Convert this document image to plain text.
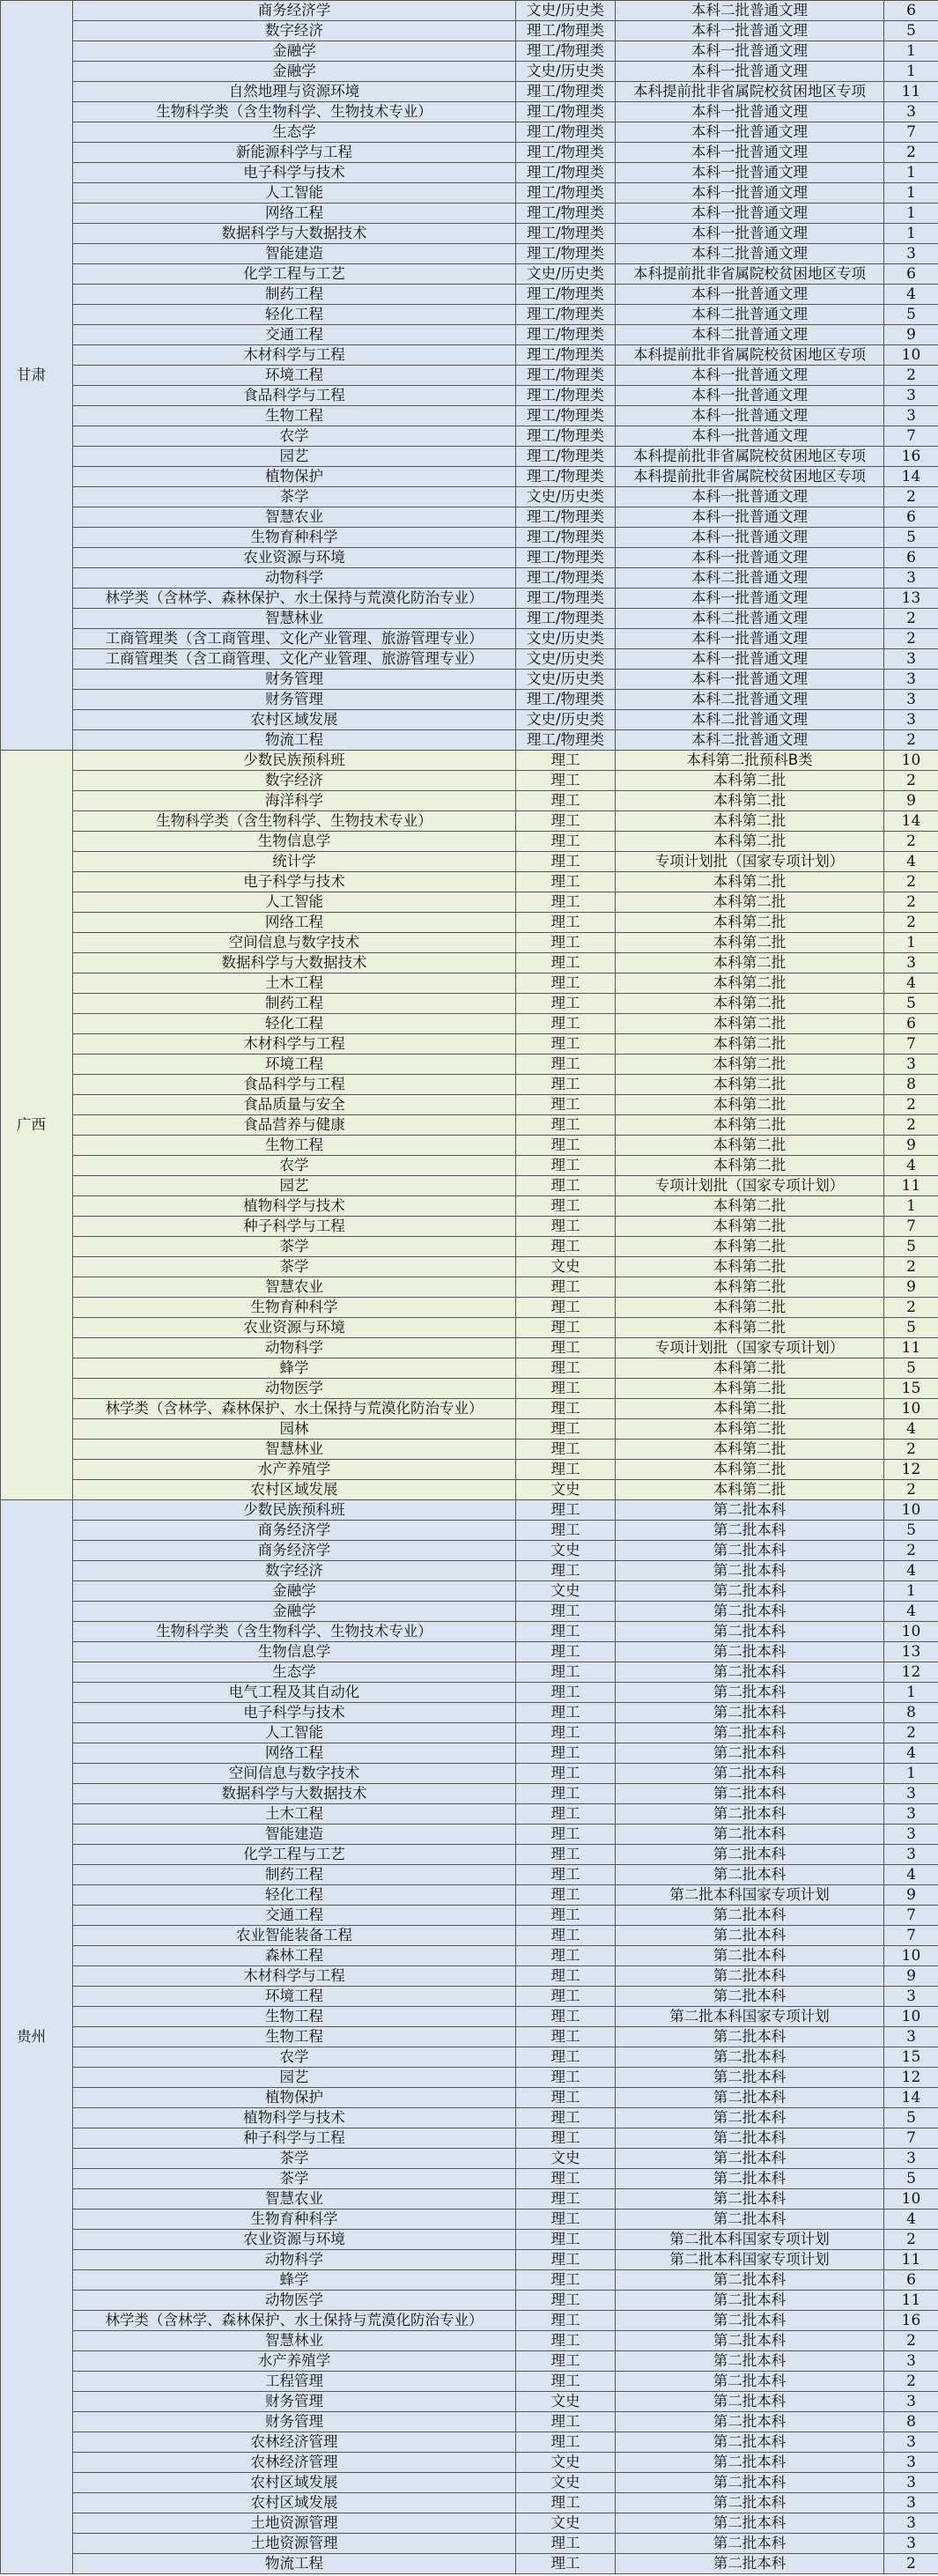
甘肃	商务经济学	文史/历史类	本科二批普通文理	6
	数字经济	理工/物理类	本科一批普通文理	5
	金融学	理工/物理类	本科一批普通文理	1
	金融学	文史/历史类	本科一批普通文理	1
	自然地理与资源环境	理工/物理类	本科提前批非省属院校贫困地区专项	11
	生物科学类（含生物科学、生物技术专业）	理工/物理类	本科一批普通文理	3
	生态学	理工/物理类	本科一批普通文理	7
	新能源科学与工程	理工/物理类	本科一批普通文理	2
	电子科学与技术	理工/物理类	本科一批普通文理	1
	人工智能	理工/物理类	本科一批普通文理	1
	网络工程	理工/物理类	本科一批普通文理	1
	数据科学与大数据技术	理工/物理类	本科一批普通文理	1
	智能建造	理工/物理类	本科二批普通文理	3
	化学工程与工艺	文史/历史类	本科提前批非省属院校贫困地区专项	6
	制药工程	理工/物理类	本科一批普通文理	4
	轻化工程	理工/物理类	本科二批普通文理	5
	交通工程	理工/物理类	本科二批普通文理	9
	木材科学与工程	理工/物理类	本科提前批非省属院校贫困地区专项	10
	环境工程	理工/物理类	本科一批普通文理	2
	食品科学与工程	理工/物理类	本科一批普通文理	3
	生物工程	理工/物理类	本科一批普通文理	3
	农学	理工/物理类	本科一批普通文理	7
	园艺	理工/物理类	本科提前批非省属院校贫困地区专项	16
	植物保护	理工/物理类	本科提前批非省属院校贫困地区专项	14
	茶学	文史/历史类	本科一批普通文理	2
	智慧农业	理工/物理类	本科一批普通文理	6
	生物育种科学	理工/物理类	本科一批普通文理	5
	农业资源与环境	理工/物理类	本科一批普通文理	6
	动物科学	理工/物理类	本科二批普通文理	3
	林学类（含林学、森林保护、水土保持与荒漠化防治专业）	理工/物理类	本科一批普通文理	13
	智慧林业	理工/物理类	本科二批普通文理	2
	工商管理类（含工商管理、文化产业管理、旅游管理专业）	文史/历史类	本科一批普通文理	2
	工商管理类（含工商管理、文化产业管理、旅游管理专业）	文史/历史类	本科一批普通文理	3
	财务管理	文史/历史类	本科一批普通文理	3
	财务管理	理工/物理类	本科二批普通文理	3
	农村区域发展	文史/历史类	本科二批普通文理	3
	物流工程	理工/物理类	本科二批普通文理	2
广西	少数民族预科班	理工	本科第二批预科B类	10
	数字经济	理工	本科第二批	2
	海洋科学	理工	本科第二批	9
	生物科学类（含生物科学、生物技术专业）	理工	本科第二批	14
	生物信息学	理工	本科第二批	2
	统计学	理工	专项计划批（国家专项计划）	4
	电子科学与技术	理工	本科第二批	2
	人工智能	理工	本科第二批	2
	网络工程	理工	本科第二批	2
	空间信息与数字技术	理工	本科第二批	1
	数据科学与大数据技术	理工	本科第二批	3
	土木工程	理工	本科第二批	4
	制药工程	理工	本科第二批	5
	轻化工程	理工	本科第二批	6
	木材科学与工程	理工	本科第二批	7
	环境工程	理工	本科第二批	3
	食品科学与工程	理工	本科第二批	8
	食品质量与安全	理工	本科第二批	2
	食品营养与健康	理工	本科第二批	2
	生物工程	理工	本科第二批	9
	农学	理工	本科第二批	4
	园艺	理工	专项计划批（国家专项计划）	11
	植物科学与技术	理工	本科第二批	1
	种子科学与工程	理工	本科第二批	7
	茶学	理工	本科第二批	5
	茶学	文史	本科第二批	2
	智慧农业	理工	本科第二批	9
	生物育种科学	理工	本科第二批	2
	农业资源与环境	理工	本科第二批	5
	动物科学	理工	专项计划批（国家专项计划）	11
	蜂学	理工	本科第二批	5
	动物医学	理工	本科第二批	15
	林学类（含林学、森林保护、水土保持与荒漠化防治专业）	理工	本科第二批	10
	园林	理工	本科第二批	4
	智慧林业	理工	本科第二批	2
	水产养殖学	理工	本科第二批	12
	农村区域发展	文史	本科第二批	2
贵州	少数民族预科班	理工	第二批本科	10
	商务经济学	理工	第二批本科	5
	商务经济学	文史	第二批本科	2
	数字经济	理工	第二批本科	4
	金融学	文史	第二批本科	1
	金融学	理工	第二批本科	4
	生物科学类（含生物科学、生物技术专业）	理工	第二批本科	10
	生物信息学	理工	第二批本科	13
	生态学	理工	第二批本科	12
	电气工程及其自动化	理工	第二批本科	1
	电子科学与技术	理工	第二批本科	8
	人工智能	理工	第二批本科	2
	网络工程	理工	第二批本科	4
	空间信息与数字技术	理工	第二批本科	1
	数据科学与大数据技术	理工	第二批本科	3
	土木工程	理工	第二批本科	3
	智能建造	理工	第二批本科	3
	化学工程与工艺	理工	第二批本科	3
	制药工程	理工	第二批本科	4
	轻化工程	理工	第二批本科国家专项计划	9
	交通工程	理工	第二批本科	7
	农业智能装备工程	理工	第二批本科	7
	森林工程	理工	第二批本科	10
	木材科学与工程	理工	第二批本科	9
	环境工程	理工	第二批本科	3
	生物工程	理工	第二批本科国家专项计划	10
	生物工程	理工	第二批本科	3
	农学	理工	第二批本科	15
	园艺	理工	第二批本科	12
	植物保护	理工	第二批本科	14
	植物科学与技术	理工	第二批本科	5
	种子科学与工程	理工	第二批本科	7
	茶学	文史	第二批本科	3
	茶学	理工	第二批本科	5
	智慧农业	理工	第二批本科	10
	生物育种科学	理工	第二批本科	4
	农业资源与环境	理工	第二批本科国家专项计划	2
	动物科学	理工	第二批本科国家专项计划	11
	蜂学	理工	第二批本科	6
	动物医学	理工	第二批本科	11
	林学类（含林学、森林保护、水土保持与荒漠化防治专业）	理工	第二批本科	16
	智慧林业	理工	第二批本科	2
	水产养殖学	理工	第二批本科	3
	工程管理	理工	第二批本科	2
	财务管理	文史	第二批本科	3
	财务管理	理工	第二批本科	8
	农林经济管理	理工	第二批本科	3
	农林经济管理	文史	第二批本科	3
	农村区域发展	文史	第二批本科	3
	农村区域发展	理工	第二批本科	3
	土地资源管理	文史	第二批本科	3
	土地资源管理	理工	第二批本科	3
	物流工程	理工	第二批本科	2
